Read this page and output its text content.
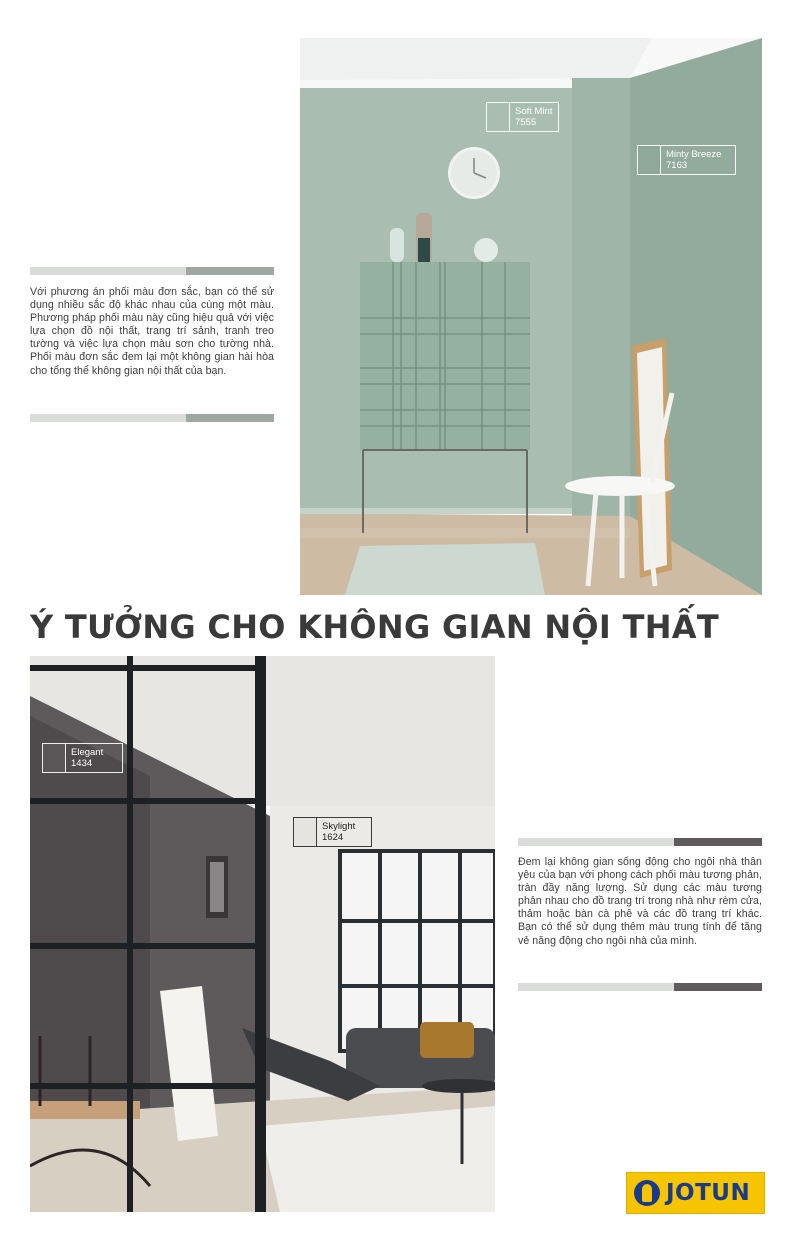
Soft Mint
7555
Minty Breeze
7163
Với phương án phối màu đơn sắc, bạn có thể sử dụng nhiều sắc độ khác nhau của cùng một màu. Phương pháp phối màu này cũng hiệu quả với việc lựa chọn đồ nội thất, trang trí sảnh, tranh treo tường và việc lựa chọn màu sơn cho tường nhà. Phối màu đơn sắc đem lại một không gian hài hòa cho tổng thể không gian nội thất của bạn.
Ý TƯỞNG CHO KHÔNG GIAN NỘI THẤT
Elegant
1434
Skylight
1624
Đem lại không gian sống động cho ngôi nhà thân yêu của bạn với phong cách phối màu tương phản, tràn đầy năng lượng. Sử dụng các màu tương phản nhau cho đồ trang trí trong nhà như rèm cửa, thảm hoặc bàn cà phê và các đồ trang trí khác. Bạn có thể sử dụng thêm màu trung tính để tăng vẻ năng động cho ngôi nhà của mình.
JOTUN
